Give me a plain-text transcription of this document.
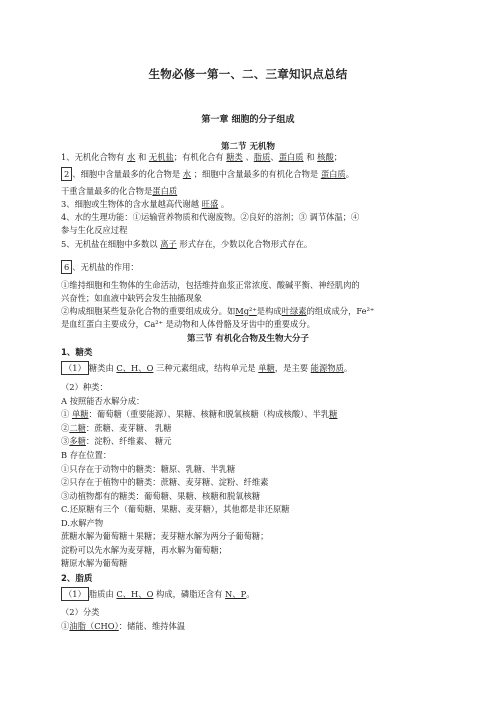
生物必修一第一、二、三章知识点总结
第一章 细胞的分子组成
第二节 无机物
1、无机化合物有 水 和 无机盐；有机化合有 糖类 、脂质、蛋白质 和 核酸；
2 、细胞中含量最多的化合物是 水 ；细胞中含量最多的有机化合物是 蛋白质。
干重含量最多的化合物是蛋白质
3、细胞或生物体的含水量越高代谢越 旺盛 。
4、水的生理功能：①运输营养物质和代谢废物。②良好的溶剂；③ 调节体温；④
参与生化反应过程
5、无机盐在细胞中多数以 离子 形式存在，少数以化合物形式存在。
6 、无机盐的作用：
①维持细胞和生物体的生命活动，包括维持血浆正常浓度、酸碱平衡、神经肌肉的
兴奋性；如血液中缺钙会发生抽搐现象
②构成细胞某些复杂化合物的重要组成成分。如Mg²⁺是构成叶绿素的组成成分，Fe²⁺
是血红蛋白主要成分，Ca²⁺ 是动物和人体骨骼及牙齿中的重要成分。
第三节 有机化合物及生物大分子
1、糖类
（1） 糖类由 C、H、O 三种元素组成，结构单元是 单糖，是主要 能源物质。
（2）种类：
A 按照能否水解分成：
① 单糖：葡萄糖（重要能源）、果糖、核糖和脱氧核糖（构成核酸）、半乳糖
②二糖：蔗糖、麦芽糖、 乳糖
③多糖：淀粉、纤维素、 糖元
B 存在位置：
①只存在于动物中的糖类：糖原、乳糖、半乳糖
②只存在于植物中的糖类：蔗糖、麦芽糖、淀粉、纤维素
③动植物都有的糖类：葡萄糖、果糖、核糖和脱氧核糖
C.还原糖有三个（葡萄糖、果糖、麦芽糖），其他都是非还原糖
D.水解产物
蔗糖水解为葡萄糖＋果糖；麦芽糖水解为两分子葡萄糖；
淀粉可以先水解为麦芽糖，再水解为葡萄糖；
糖原水解为葡萄糖
2、脂质
（1） 脂质由 C、H、O 构成，磷脂还含有 N、P。
（2）分类
①油脂（CHO）：储能、维持体温
